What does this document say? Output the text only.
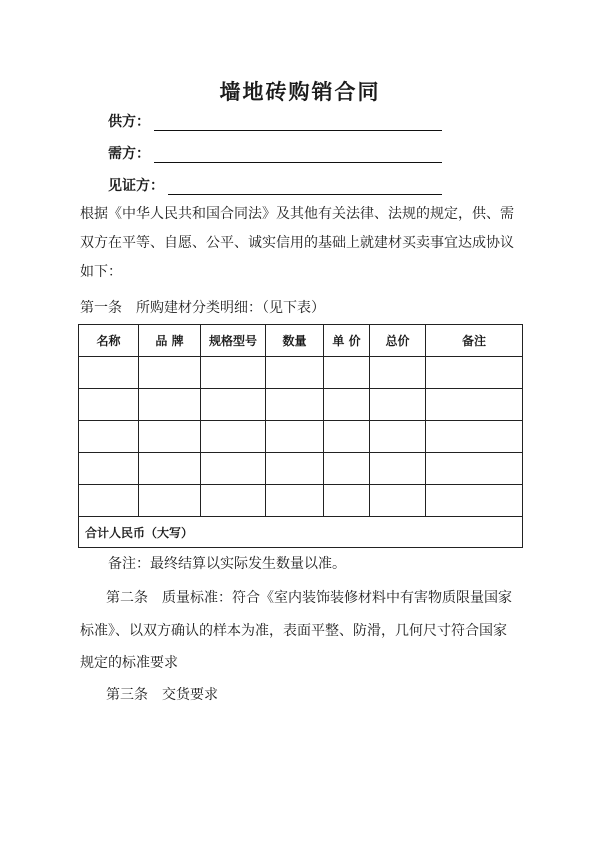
墙地砖购销合同
供方：
需方：
见证方：
根据《中华人民共和国合同法》及其他有关法律、法规的规定，供、需
双方在平等、自愿、公平、诚实信用的基础上就建材买卖事宜达成协议
如下：
第一条　所购建材分类明细：（见下表）
名称	品 牌	规格型号	数量	单 价	总价	备注

合计人民币（大写）						
备注：最终结算以实际发生数量以准。
第二条　质量标准：符合《室内装饰装修材料中有害物质限量国家
标准》、以双方确认的样本为准，表面平整、防滑，几何尺寸符合国家
规定的标准要求
第三条　交货要求
